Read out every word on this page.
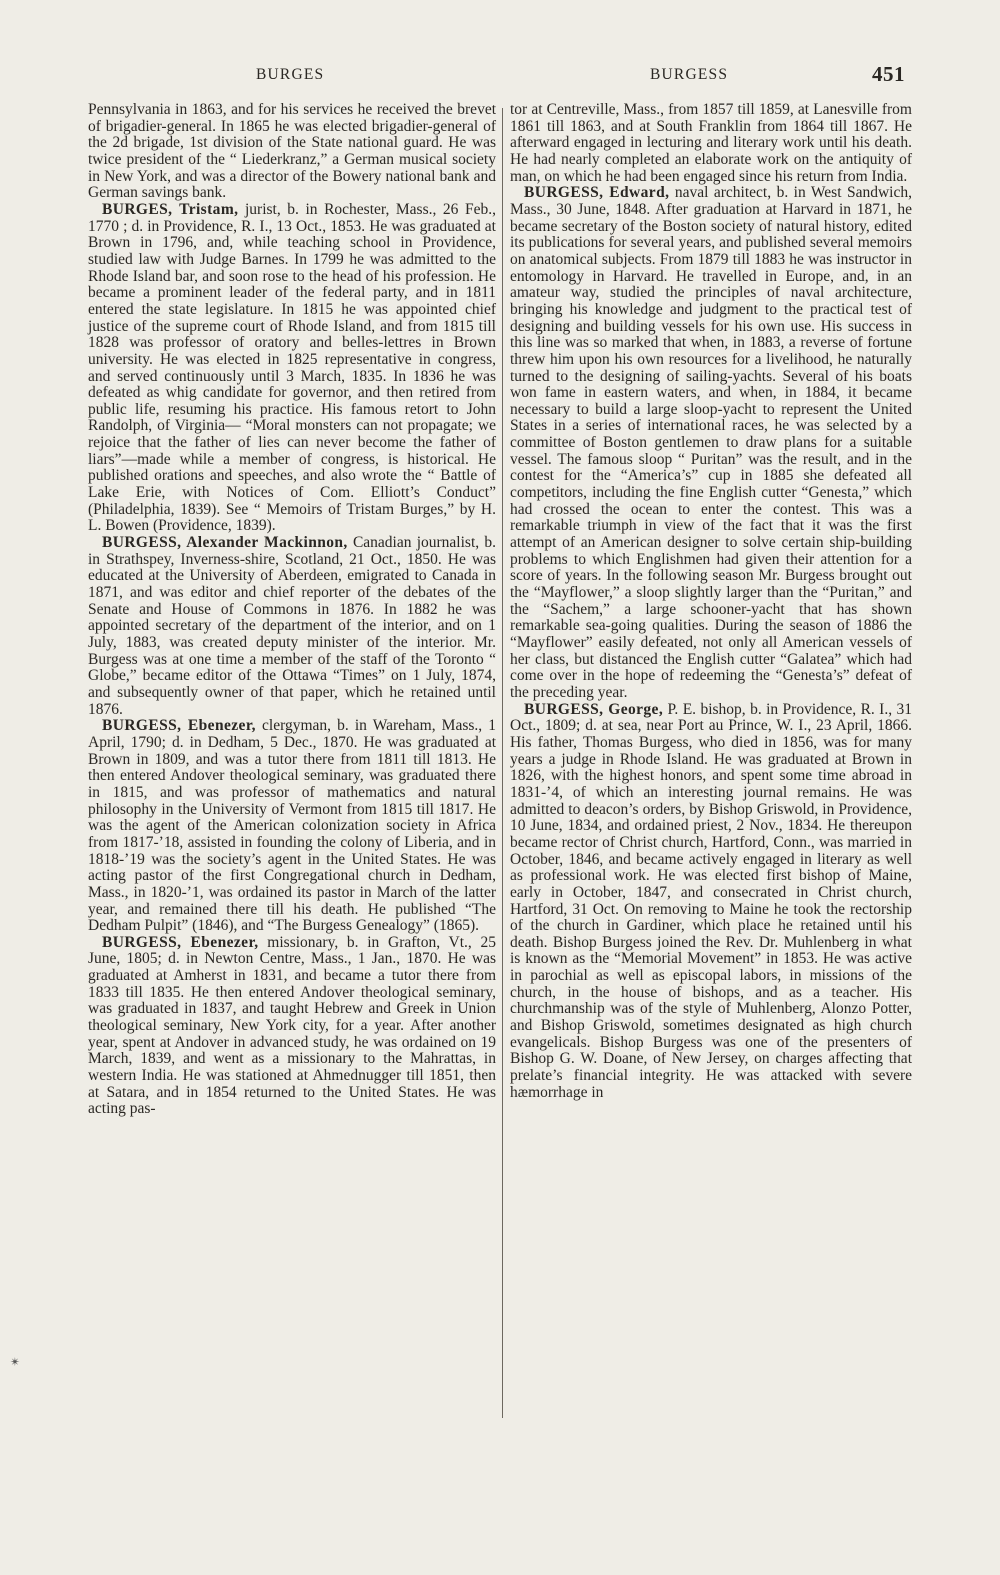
BURGES	BURGESS	451

Pennsylvania in 1863, and for his services he received the brevet of brigadier-general. In 1865 he was elected brigadier-general of the 2d brigade, 1st division of the State national guard. He was twice president of the “ Liederkranz,” a German musical society in New York, and was a director of the Bowery national bank and German savings bank.

BURGES, Tristam, jurist, b. in Rochester, Mass., 26 Feb., 1770 ; d. in Providence, R. I., 13 Oct., 1853. He was graduated at Brown in 1796, and, while teaching school in Providence, studied law with Judge Barnes. In 1799 he was admitted to the Rhode Island bar, and soon rose to the head of his profession. He became a prominent leader of the federal party, and in 1811 entered the state legislature. In 1815 he was appointed chief justice of the supreme court of Rhode Island, and from 1815 till 1828 was professor of oratory and belles-lettres in Brown university. He was elected in 1825 representative in congress, and served continuously until 3 March, 1835. In 1836 he was defeated as whig candidate for governor, and then retired from public life, resuming his practice. His famous retort to John Randolph, of Virginia— “Moral monsters can not propagate; we rejoice that the father of lies can never become the father of liars”—made while a member of congress, is historical. He published orations and speeches, and also wrote the “ Battle of Lake Erie, with Notices of Com. Elliott’s Conduct” (Philadelphia, 1839). See “ Memoirs of Tristam Burges,” by H. L. Bowen (Providence, 1839).

BURGESS, Alexander Mackinnon, Canadian journalist, b. in Strathspey, Inverness-shire, Scotland, 21 Oct., 1850. He was educated at the University of Aberdeen, emigrated to Canada in 1871, and was editor and chief reporter of the debates of the Senate and House of Commons in 1876. In 1882 he was appointed secretary of the department of the interior, and on 1 July, 1883, was created deputy minister of the interior. Mr. Burgess was at one time a member of the staff of the Toronto “ Globe,” became editor of the Ottawa “Times” on 1 July, 1874, and subsequently owner of that paper, which he retained until 1876.

BURGESS, Ebenezer, clergyman, b. in Wareham, Mass., 1 April, 1790; d. in Dedham, 5 Dec., 1870. He was graduated at Brown in 1809, and was a tutor there from 1811 till 1813. He then entered Andover theological seminary, was graduated there in 1815, and was professor of mathematics and natural philosophy in the University of Vermont from 1815 till 1817. He was the agent of the American colonization society in Africa from 1817-’18, assisted in founding the colony of Liberia, and in 1818-’19 was the society’s agent in the United States. He was acting pastor of the first Congregational church in Dedham, Mass., in 1820-’1, was ordained its pastor in March of the latter year, and remained there till his death. He published “The Dedham Pulpit” (1846), and “The Burgess Genealogy” (1865).

BURGESS, Ebenezer, missionary, b. in Grafton, Vt., 25 June, 1805; d. in Newton Centre, Mass., 1 Jan., 1870. He was graduated at Amherst in 1831, and became a tutor there from 1833 till 1835. He then entered Andover theological seminary, was graduated in 1837, and taught Hebrew and Greek in Union theological seminary, New York city, for a year. After another year, spent at Andover in advanced study, he was ordained on 19 March, 1839, and went as a missionary to the Mahrattas, in western India. He was stationed at Ahmednugger till 1851, then at Satara, and in 1854 returned to the United States. He was acting pas-

tor at Centreville, Mass., from 1857 till 1859, at Lanesville from 1861 till 1863, and at South Franklin from 1864 till 1867. He afterward engaged in lecturing and literary work until his death. He had nearly completed an elaborate work on the antiquity of man, on which he had been engaged since his return from India.

BURGESS, Edward, naval architect, b. in West Sandwich, Mass., 30 June, 1848. After graduation at Harvard in 1871, he became secretary of the Boston society of natural history, edited its publications for several years, and published several memoirs on anatomical subjects. From 1879 till 1883 he was instructor in entomology in Harvard. He travelled in Europe, and, in an amateur way, studied the principles of naval architecture, bringing his knowledge and judgment to the practical test of designing and building vessels for his own use. His success in this line was so marked that when, in 1883, a reverse of fortune threw him upon his own resources for a livelihood, he naturally turned to the designing of sailing-yachts. Several of his boats won fame in eastern waters, and when, in 1884, it became necessary to build a large sloop-yacht to represent the United States in a series of international races, he was selected by a committee of Boston gentlemen to draw plans for a suitable vessel. The famous sloop “ Puritan” was the result, and in the contest for the “America’s” cup in 1885 she defeated all competitors, including the fine English cutter “Genesta,” which had crossed the ocean to enter the contest. This was a remarkable triumph in view of the fact that it was the first attempt of an American designer to solve certain ship-building problems to which Englishmen had given their attention for a score of years. In the following season Mr. Burgess brought out the “Mayflower,” a sloop slightly larger than the “Puritan,” and the “Sachem,” a large schooner-yacht that has shown remarkable sea-going qualities. During the season of 1886 the “Mayflower” easily defeated, not only all American vessels of her class, but distanced the English cutter “Galatea” which had come over in the hope of redeeming the “Genesta’s” defeat of the preceding year.

BURGESS, George, P. E. bishop, b. in Providence, R. I., 31 Oct., 1809; d. at sea, near Port au Prince, W. I., 23 April, 1866. His father, Thomas Burgess, who died in 1856, was for many years a judge in Rhode Island. He was graduated at Brown in 1826, with the highest honors, and spent some time abroad in 1831-’4, of which an interesting journal remains. He was admitted to deacon’s orders, by Bishop Griswold, in Providence, 10 June, 1834, and ordained priest, 2 Nov., 1834. He thereupon became rector of Christ church, Hartford, Conn., was married in October, 1846, and became actively engaged in literary as well as professional work. He was elected first bishop of Maine, early in October, 1847, and consecrated in Christ church, Hartford, 31 Oct. On removing to Maine he took the rectorship of the church in Gardiner, which place he retained until his death. Bishop Burgess joined the Rev. Dr. Muhlenberg in what is known as the “Memorial Movement” in 1853. He was active in parochial as well as episcopal labors, in missions of the church, in the house of bishops, and as a teacher. His churchmanship was of the style of Muhlenberg, Alonzo Potter, and Bishop Griswold, sometimes designated as high church evangelicals. Bishop Burgess was one of the presenters of Bishop G. W. Doane, of New Jersey, on charges affecting that prelate’s financial integrity. He was attacked with severe hæmorrhage in

✴
